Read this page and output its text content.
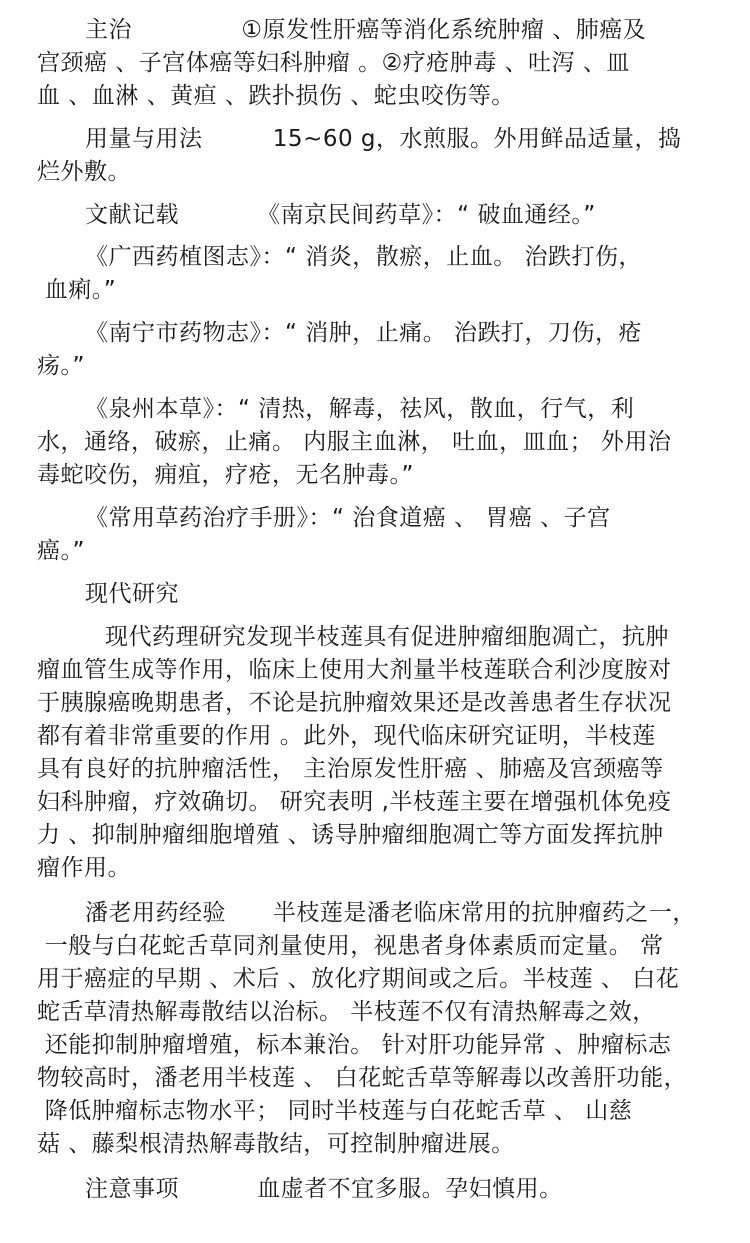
主治              ①原发性肝癌等消化系统肿瘤 、肺癌及
宫颈癌 、子宫体癌等妇科肿瘤 。②疗疮肿毒 、吐泻 、皿
血 、血淋 、黄疸 、跌扑损伤 、蛇虫咬伤等。
用量与用法         15~60 g，水煎服。外用鲜品适量，捣
烂外敷。
文献记载          《南京民间药草》：“ 破血通经。”
《广西药植图志》：“ 消炎，散瘀，止血。 治跌打伤，
血痢。”
《南宁市药物志》：“ 消肿，止痛。 治跌打，刀伤，疮
疡。”
《泉州本草》：“ 清热，解毒，祛风，散血，行气，利
水，通络，破瘀，止痛。 内服主血淋， 吐血，皿血； 外用治
毒蛇咬伤，痈疽，疗疮，无名肿毒。”
《常用草药治疗手册》：“ 治食道癌 、 胃癌 、子宫
癌。”
现代研究
现代药理研究发现半枝莲具有促进肿瘤细胞凋亡，抗肿
瘤血管生成等作用，临床上使用大剂量半枝莲联合利沙度胺对
于胰腺癌晚期患者，不论是抗肿瘤效果还是改善患者生存状况
都有着非常重要的作用 。此外，现代临床研究证明，半枝莲
具有良好的抗肿瘤活性， 主治原发性肝癌 、肺癌及宫颈癌等
妇科肿瘤，疗效确切。 研究表明 ,半枝莲主要在增强机体免疫
力 、抑制肿瘤细胞增殖 、诱导肿瘤细胞凋亡等方面发挥抗肿
瘤作用。
潘老用药经验      半枝莲是潘老临床常用的抗肿瘤药之一，
一般与白花蛇舌草同剂量使用，视患者身体素质而定量。 常
用于癌症的早期 、术后 、放化疗期间或之后。半枝莲 、 白花
蛇舌草清热解毒散结以治标。 半枝莲不仅有清热解毒之效，
还能抑制肿瘤增殖，标本兼治。 针对肝功能异常 、肿瘤标志
物较高时，潘老用半枝莲 、 白花蛇舌草等解毒以改善肝功能，
降低肿瘤标志物水平； 同时半枝莲与白花蛇舌草 、 山慈
菇 、藤梨根清热解毒散结，可控制肿瘤进展。
注意事项          血虚者不宜多服。孕妇慎用。
